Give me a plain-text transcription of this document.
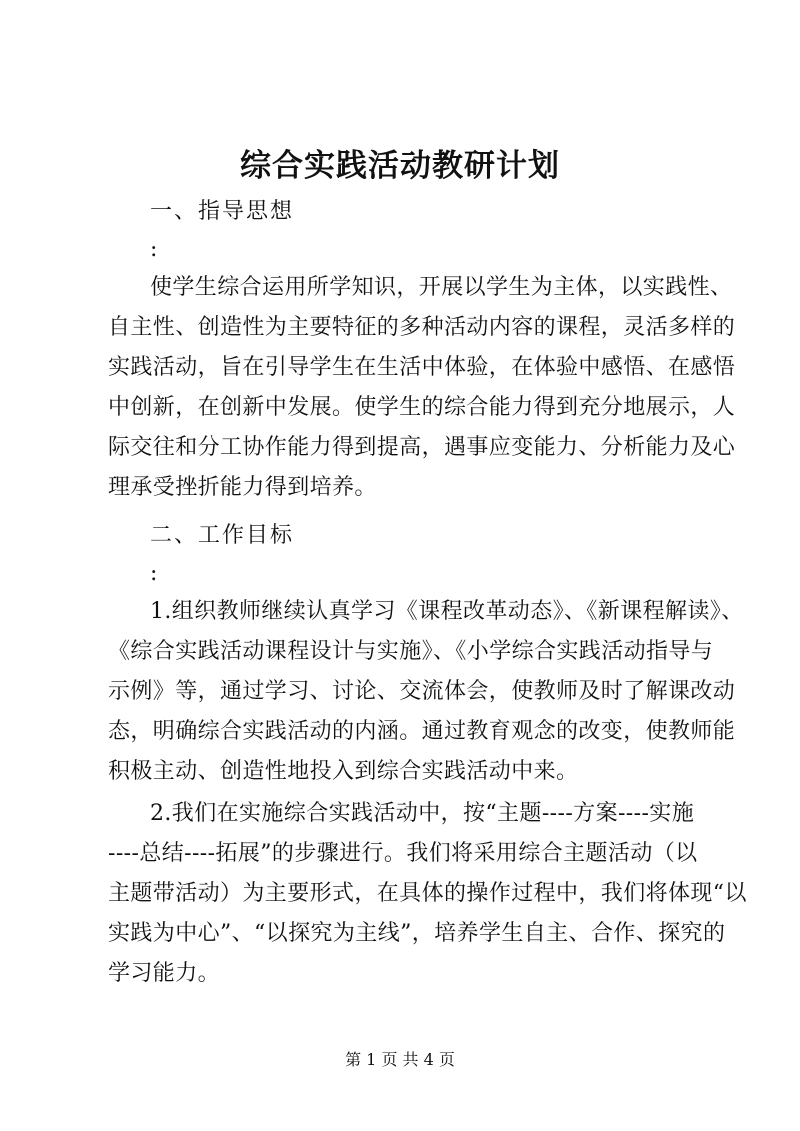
综合实践活动教研计划
一、指导思想
:
使学生综合运用所学知识，开展以学生为主体，以实践性、
自主性、创造性为主要特征的多种活动内容的课程，灵活多样的
实践活动，旨在引导学生在生活中体验，在体验中感悟、在感悟
中创新，在创新中发展。使学生的综合能力得到充分地展示，人
际交往和分工协作能力得到提高，遇事应变能力、分析能力及心
理承受挫折能力得到培养。
二、工作目标
:
1.组织教师继续认真学习《课程改革动态》、《新课程解读》、
《综合实践活动课程设计与实施》、《小学综合实践活动指导与
示例》等，通过学习、讨论、交流体会，使教师及时了解课改动
态，明确综合实践活动的内涵。通过教育观念的改变，使教师能
积极主动、创造性地投入到综合实践活动中来。
2.我们在实施综合实践活动中，按“主题----方案----实施
----总结----拓展”的步骤进行。我们将采用综合主题活动（以
主题带活动）为主要形式，在具体的操作过程中，我们将体现“以
实践为中心”、“以探究为主线”，培养学生自主、合作、探究的
学习能力。
第 1 页 共 4 页
